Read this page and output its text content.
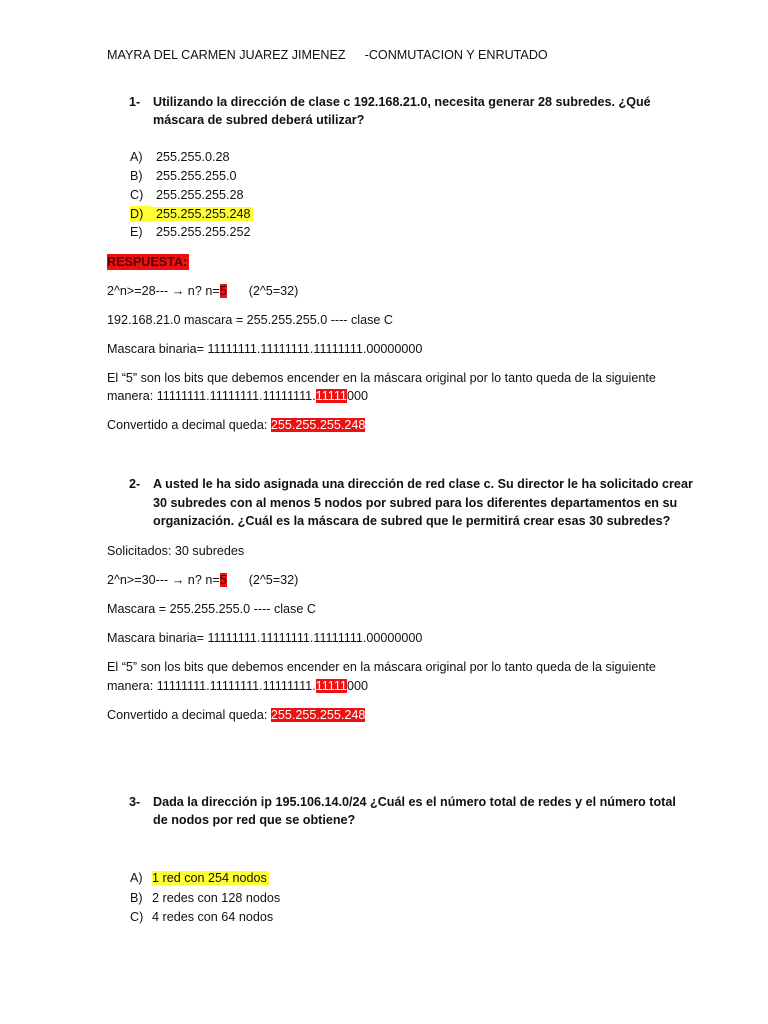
MAYRA DEL CARMEN JUAREZ JIMENEZ -CONMUTACION Y ENRUTADO
1- Utilizando la dirección de clase c 192.168.21.0, necesita generar 28 subredes. ¿Qué
máscara de subred deberá utilizar?
A) 255.255.0.28
B) 255.255.255.0
C) 255.255.255.28
D) 255.255.255.248
E) 255.255.255.252
RESPUESTA:
2^n>=28--- → n? n=5 (2^5=32)
192.168.21.0 mascara = 255.255.255.0 ---- clase C
Mascara binaria= 11111111.11111111.11111111.00000000
El “5” son los bits que debemos encender en la máscara original por lo tanto queda de la siguiente
manera: 11111111.11111111.11111111.11111000
Convertido a decimal queda: 255.255.255.248
2- A usted le ha sido asignada una dirección de red clase c. Su director le ha solicitado crear
30 subredes con al menos 5 nodos por subred para los diferentes departamentos en su
organización. ¿Cuál es la máscara de subred que le permitirá crear esas 30 subredes?
Solicitados: 30 subredes
2^n>=30--- → n? n=5 (2^5=32)
Mascara = 255.255.255.0 ---- clase C
Mascara binaria= 11111111.11111111.11111111.00000000
El “5” son los bits que debemos encender en la máscara original por lo tanto queda de la siguiente
manera: 11111111.11111111.11111111.11111000
Convertido a decimal queda: 255.255.255.248
3- Dada la dirección ip 195.106.14.0/24 ¿Cuál es el número total de redes y el número total
de nodos por red que se obtiene?
A) 1 red con 254 nodos
B) 2 redes con 128 nodos
C) 4 redes con 64 nodos
